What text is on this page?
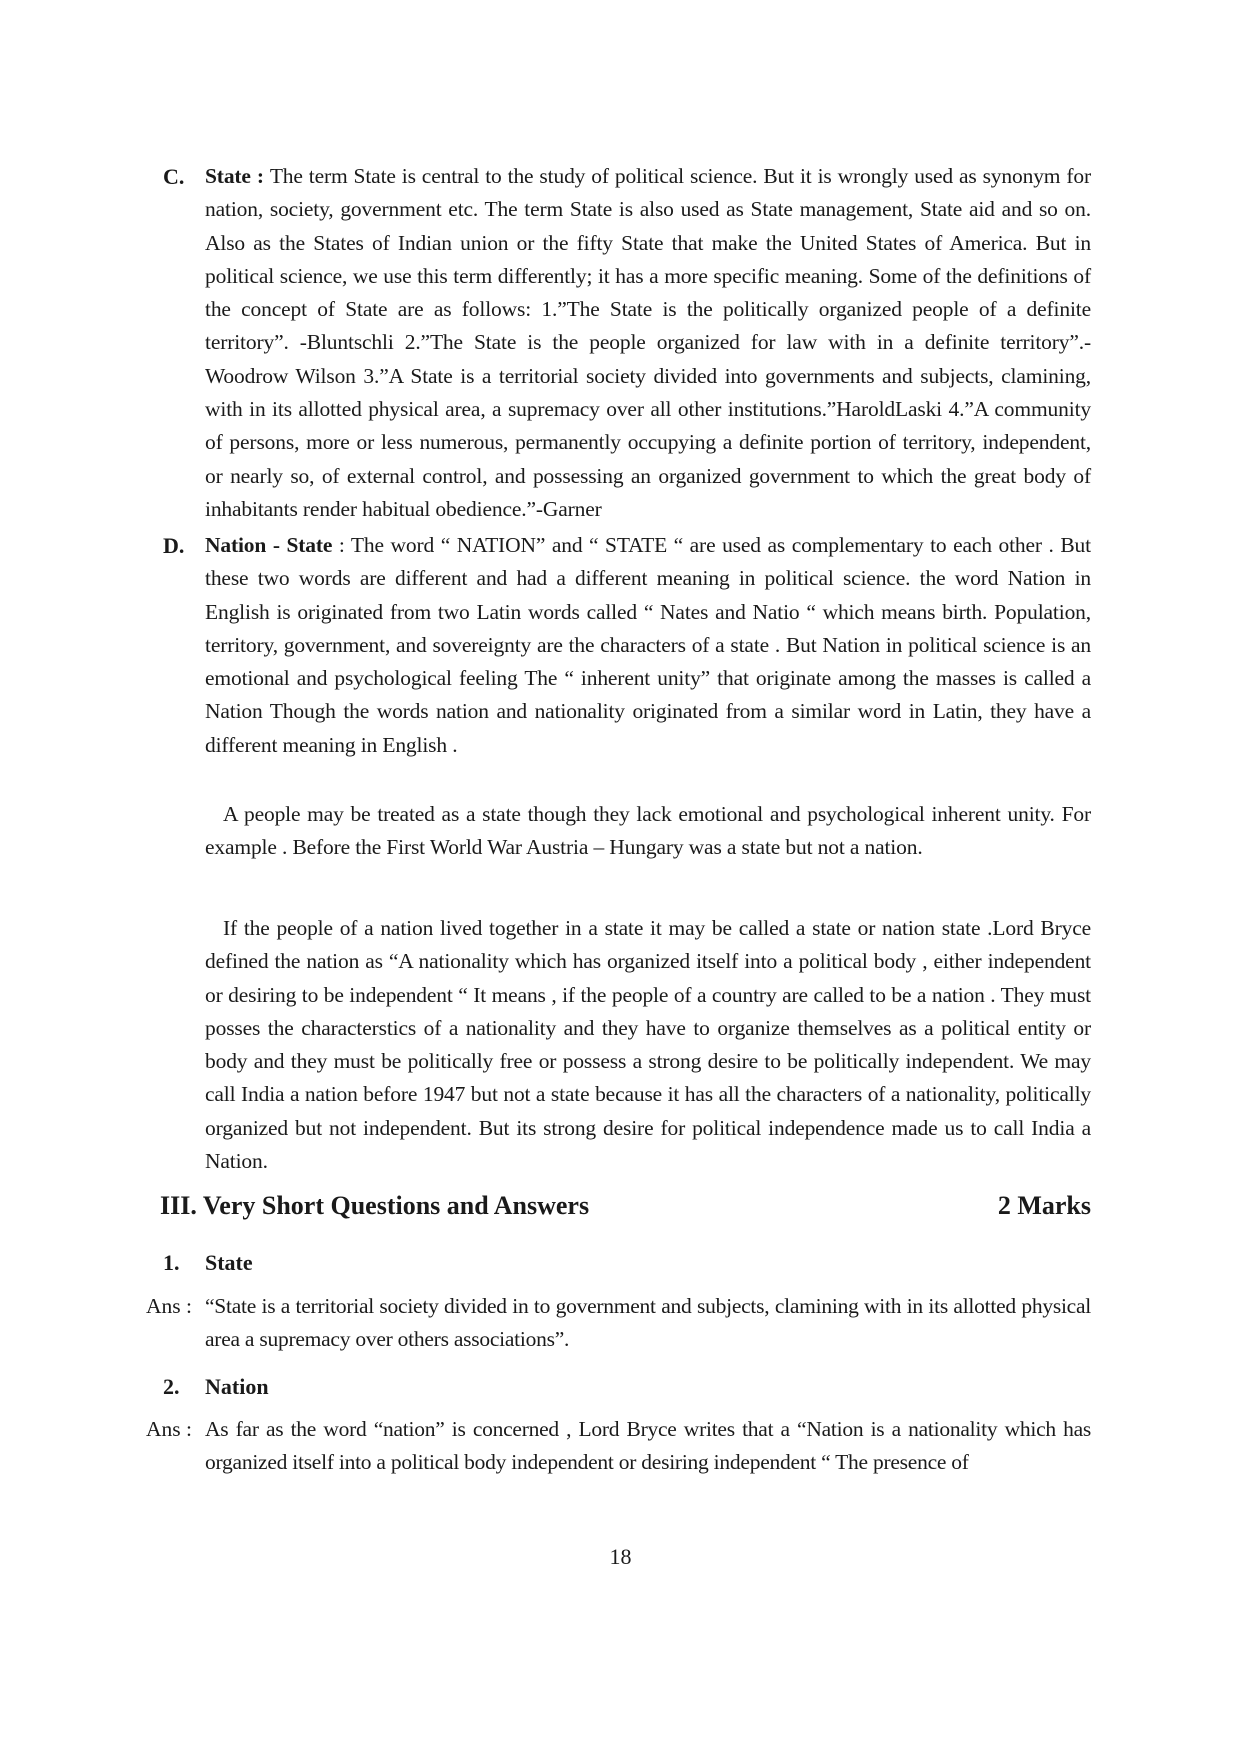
C. State : The term State is central to the study of political science. But it is wrongly used as synonym for nation, society, government etc. The term State is also used as State management, State aid and so on. Also as the States of Indian union or the fifty State that make the United States of America. But in political science, we use this term differently; it has a more specific meaning. Some of the definitions of the concept of State are as follows: 1.”The State is the politically organized people of a definite territory”. -Bluntschli 2.”The State is the people organized for law with in a definite territory”.-Woodrow Wilson 3.”A State is a territorial society divided into governments and subjects, clamining, with in its allotted physical area, a supremacy over all other institutions.”HaroldLaski 4.”A community of persons, more or less numerous, permanently occupying a definite portion of territory, independent, or nearly so, of external control, and possessing an organized government to which the great body of inhabitants render habitual obedience.”-Garner
D. Nation - State : The word “ NATION” and “ STATE “ are used as complementary to each other . But these two words are different and had a different meaning in political science. the word Nation in English is originated from two Latin words called “ Nates and Natio “ which means birth. Population, territory, government, and sovereignty are the characters of a state . But Nation in political science is an emotional and psychological feeling The “ inherent unity” that originate among the masses is called a Nation Though the words nation and nationality originated from a similar word in Latin, they have a different meaning in English .
A people may be treated as a state though they lack emotional and psychological inherent unity. For example . Before the First World War Austria – Hungary was a state but not a nation.
If the people of a nation lived together in a state it may be called a state or nation state .Lord Bryce defined the nation as “A nationality which has organized itself into a political body , either independent or desiring to be independent “ It means , if the people of a country are called to be a nation . They must posses the characterstics of a nationality and they have to organize themselves as a political entity or body and they must be politically free or possess a strong desire to be politically independent. We may call India a nation before 1947 but not a state because it has all the characters of a nationality, politically organized but not independent. But its strong desire for political independence made us to call India a Nation.
III. Very Short Questions and Answers	2 Marks
1. State
Ans : “State is a territorial society divided in to government and subjects, clamining with in its allotted physical area a supremacy over others associations”.
2. Nation
Ans : As far as the word “nation” is concerned , Lord Bryce writes that a “Nation is a nationality which has organized itself into a political body independent or desiring independent “ The presence of
18
